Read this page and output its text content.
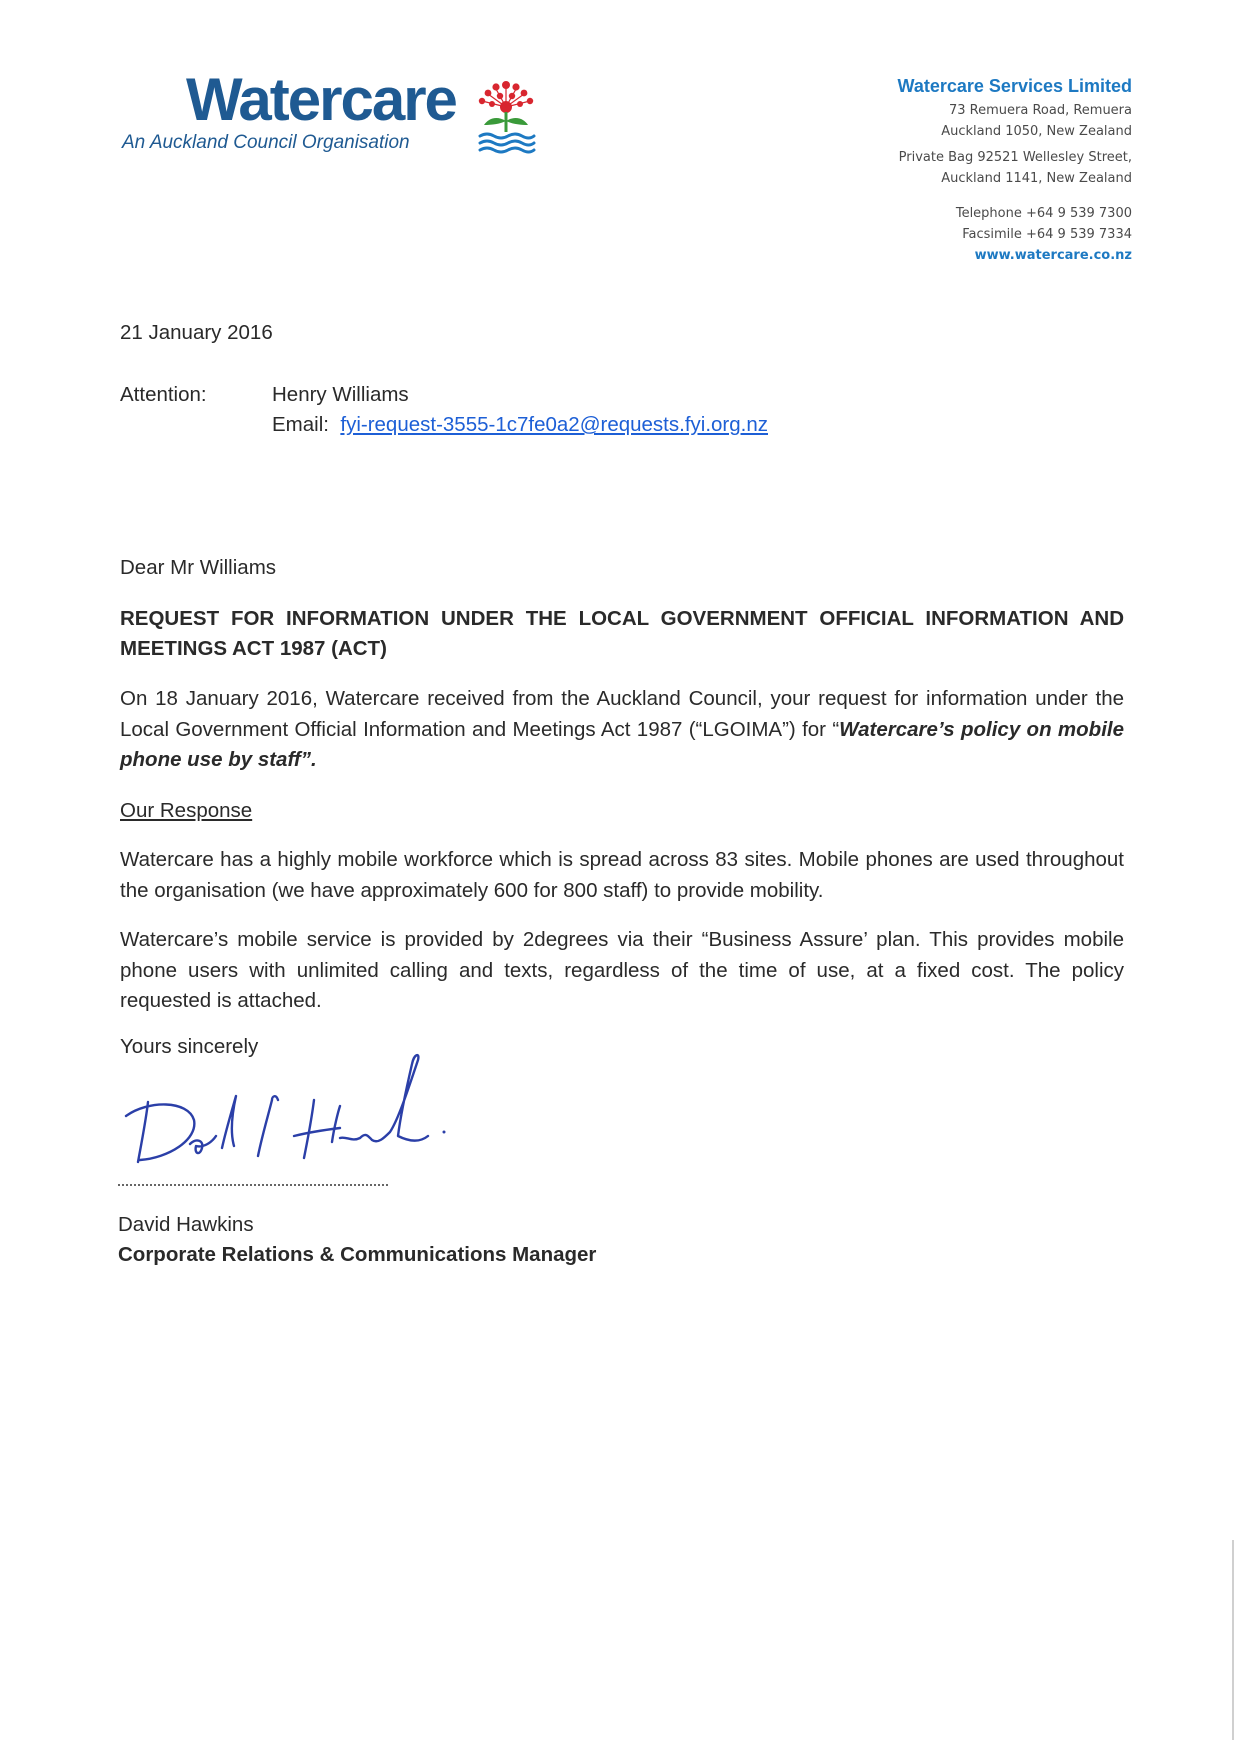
Watercare
An Auckland Council Organisation
Watercare Services Limited
73 Remuera Road, Remuera
Auckland 1050, New Zealand
Private Bag 92521 Wellesley Street,
Auckland 1141, New Zealand
Telephone +64 9 539 7300
Facsimile +64 9 539 7334
www.watercare.co.nz
21 January 2016
Attention:	Henry Williams
Email: fyi-request-3555-1c7fe0a2@requests.fyi.org.nz
Dear Mr Williams
REQUEST FOR INFORMATION UNDER THE LOCAL GOVERNMENT OFFICIAL INFORMATION AND MEETINGS ACT 1987 (ACT)
On 18 January 2016, Watercare received from the Auckland Council, your request for information under the Local Government Official Information and Meetings Act 1987 (“LGOIMA”) for “Watercare’s policy on mobile phone use by staff”.
Our Response
Watercare has a highly mobile workforce which is spread across 83 sites. Mobile phones are used throughout the organisation (we have approximately 600 for 800 staff) to provide mobility.
Watercare’s mobile service is provided by 2degrees via their “Business Assure’ plan. This provides mobile phone users with unlimited calling and texts, regardless of the time of use, at a fixed cost. The policy requested is attached.
Yours sincerely
David Hawkins
Corporate Relations & Communications Manager
